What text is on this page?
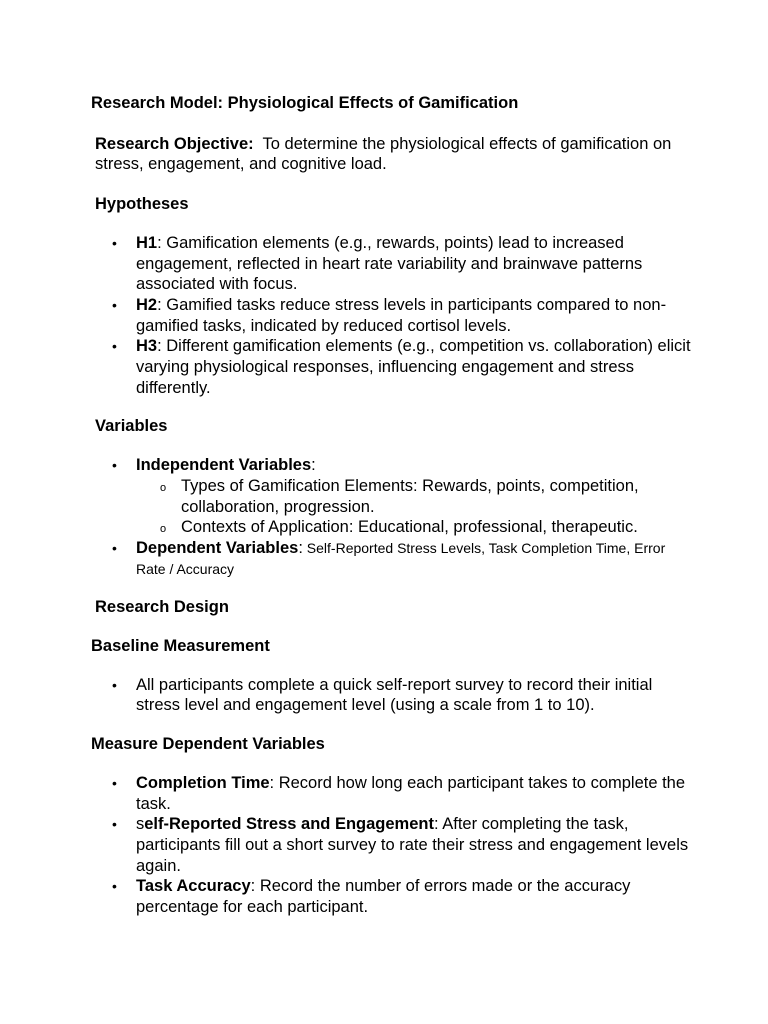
Research Model: Physiological Effects of Gamification

Research Objective: To determine the physiological effects of gamification on stress, engagement, and cognitive load.

Hypotheses
• H1: Gamification elements (e.g., rewards, points) lead to increased engagement, reflected in heart rate variability and brainwave patterns associated with focus.
• H2: Gamified tasks reduce stress levels in participants compared to non-gamified tasks, indicated by reduced cortisol levels.
• H3: Different gamification elements (e.g., competition vs. collaboration) elicit varying physiological responses, influencing engagement and stress differently.
Variables
• Independent Variables:
o Types of Gamification Elements: Rewards, points, competition, collaboration, progression.
o Contexts of Application: Educational, professional, therapeutic.
• Dependent Variables: Self-Reported Stress Levels, Task Completion Time, Error Rate / Accuracy
Research Design
Baseline Measurement
• All participants complete a quick self-report survey to record their initial stress level and engagement level (using a scale from 1 to 10).
Measure Dependent Variables
• Completion Time: Record how long each participant takes to complete the task.
• self-Reported Stress and Engagement: After completing the task, participants fill out a short survey to rate their stress and engagement levels again.
• Task Accuracy: Record the number of errors made or the accuracy percentage for each participant.
